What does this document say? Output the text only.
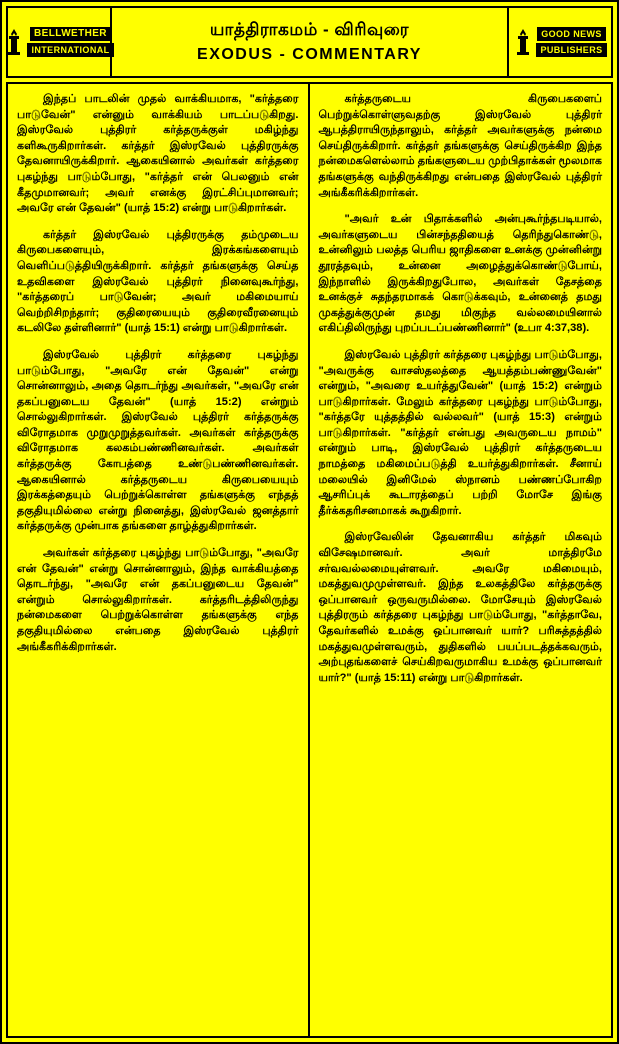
BELLWETHER
INTERNATIONAL
யாத்திராகமம் - விரிவுரை
EXODUS - COMMENTARY
GOOD NEWS
PUBLISHERS

இந்தப் பாடலின் முதல் வாக்கியமாக, "கர்த்தரை பாடுவேன்" என்னும் வாக்கியம் பாடப்படுகிறது. இஸ்ரவேல் புத்திரர் கர்த்தருக்குள் மகிழ்ந்து களிகூருகிறார்கள். கர்த்தர் இஸ்ரவேல் புத்திரருக்கு தேவனாயிருக்கிறார். ஆகையினால் அவர்கள் கர்த்தரை புகழ்ந்து பாடும்போது, "கர்த்தர் என் பெலனும் என் கீதமுமானவர்; அவர் எனக்கு இரட்சிப்புமானவர்; அவரே என் தேவன்" (யாத் 15:2) என்று பாடுகிறார்கள்.

கர்த்தர் இஸ்ரவேல் புத்திரருக்கு தம்முடைய கிருபைகளையும், இரக்கங்களையும் வெளிப்படுத்தியிருக்கிறார். கர்த்தர் தங்களுக்கு செய்த உதவிகளை இஸ்ரவேல் புத்திரர் நினைவுகூர்ந்து, "கர்த்தரைப் பாடுவேன்; அவர் மகிமையாய் வெற்றிசிறந்தார்; குதிரையையும் குதிரைவீரனையும் கடலிலே தள்ளினார்" (யாத் 15:1) என்று பாடுகிறார்கள்.

இஸ்ரவேல் புத்திரர் கர்த்தரை புகழ்ந்து பாடும்போது, "அவரே என் தேவன்" என்று சொன்னாலும், அதை தொடர்ந்து அவர்கள், "அவரே என் தகப்பனுடைய தேவன்" (யாத் 15:2) என்றும் சொல்லுகிறார்கள். இஸ்ரவேல் புத்திரர் கர்த்தருக்கு விரோதமாக முறுமுறுத்தவர்கள். அவர்கள் கர்த்தருக்கு விரோதமாக கலகம்பண்ணினவர்கள். அவர்கள் கர்த்தருக்கு கோபத்தை உண்டுபண்ணினவர்கள். ஆகையினால் கர்த்தருடைய கிருபையையும் இரக்கத்தையும் பெற்றுக்கொள்ள தங்களுக்கு எந்தத் தகுதியுமில்லை என்று நினைத்து, இஸ்ரவேல் ஜனத்தார் கர்த்தருக்கு முன்பாக தங்களை தாழ்த்துகிறார்கள்.

அவர்கள் கர்த்தரை புகழ்ந்து பாடும்போது, "அவரே என் தேவன்" என்று சொன்னாலும், இந்த வாக்கியத்தை தொடர்ந்து, "அவரே என் தகப்பனுடைய தேவன்" என்றும் சொல்லுகிறார்கள். கர்த்தரிடத்திலிருந்து நன்மைகளை பெற்றுக்கொள்ள தங்களுக்கு எந்த தகுதியுமில்லை என்பதை இஸ்ரவேல் புத்திரர் அங்கீகரிக்கிறார்கள்.

கர்த்தருடைய கிருபைகளைப் பெற்றுக்கொள்ளுவதற்கு இஸ்ரவேல் புத்திரர் ஆபத்திராயிருந்தாலும், கர்த்தர் அவர்களுக்கு நன்மை செய்திருக்கிறார். கர்த்தர் தங்களுக்கு செய்திருக்கிற இந்த நன்மைகளெல்லாம் தங்களுடைய முற்பிதாக்கள் மூலமாக தங்களுக்கு வந்திருக்கிறது என்பதை இஸ்ரவேல் புத்திரர் அங்கீகரிக்கிறார்கள்.

"அவர் உன் பிதாக்களில் அன்புகூர்ந்தபடியால், அவர்களுடைய பின்சந்ததியைத் தெரிந்துகொண்டு, உன்னிலும் பலத்த பெரிய ஜாதிகளை உனக்கு முன்னின்று தூரத்தவும், உன்னை அழைத்துக்கொண்டுபோய், இந்நாளில் இருக்கிறதுபோல, அவர்கள் தேசத்தை உனக்குச் சுதந்தரமாகக் கொடுக்கவும், உன்னைத் தமது முகத்துக்குமுன் தமது மிகுந்த வல்லமையினால் எகிப்திலிருந்து புறப்படப்பண்ணினார்" (உபா 4:37,38).

இஸ்ரவேல் புத்திரர் கர்த்தரை புகழ்ந்து பாடும்போது, "அவருக்கு வாசஸ்தலத்தை ஆயத்தம்பண்ணுவேன்" என்றும், "அவரை உயர்த்துவேன்" (யாத் 15:2) என்றும் பாடுகிறார்கள். மேலும் கர்த்தரை புகழ்ந்து பாடும்போது, "கர்த்தரே யுத்தத்தில் வல்லவர்" (யாத் 15:3) என்றும் பாடுகிறார்கள். "கர்த்தர் என்பது அவருடைய நாமம்" என்றும் பாடி, இஸ்ரவேல் புத்திரர் கர்த்தருடைய நாமத்தை மகிமைப்படுத்தி உயர்த்துகிறார்கள். சீனாய் மலையில் இனிமேல் ஸ்நானம் பண்ணப்போகிற ஆசரிப்புக் கூடாரத்தைப் பற்றி மோசே இங்கு தீர்க்கதரிசனமாகக் கூறுகிறார்.

இஸ்ரவேலின் தேவனாகிய கர்த்தர் மிகவும் விசேஷமானவர். அவர் மாத்திரமே சர்வவல்லமையுள்ளவர். அவரே மகிமையும், மகத்துவமுமுள்ளவர். இந்த உலகத்திலே கர்த்தருக்கு ஒப்பானவர் ஒருவருமில்லை. மோசேயும் இஸ்ரவேல் புத்திரரும் கர்த்தரை புகழ்ந்து பாடும்போது, "கர்த்தாவே, தேவர்களில் உமக்கு ஒப்பானவர் யார்? பரிசுத்தத்தில் மகத்துவமுள்ளவரும், துதிகளில் பயப்படத்தக்கவரும், அற்புதங்களைச் செய்கிறவருமாகிய உமக்கு ஒப்பானவர் யார்?" (யாத் 15:11) என்று பாடுகிறார்கள்.
